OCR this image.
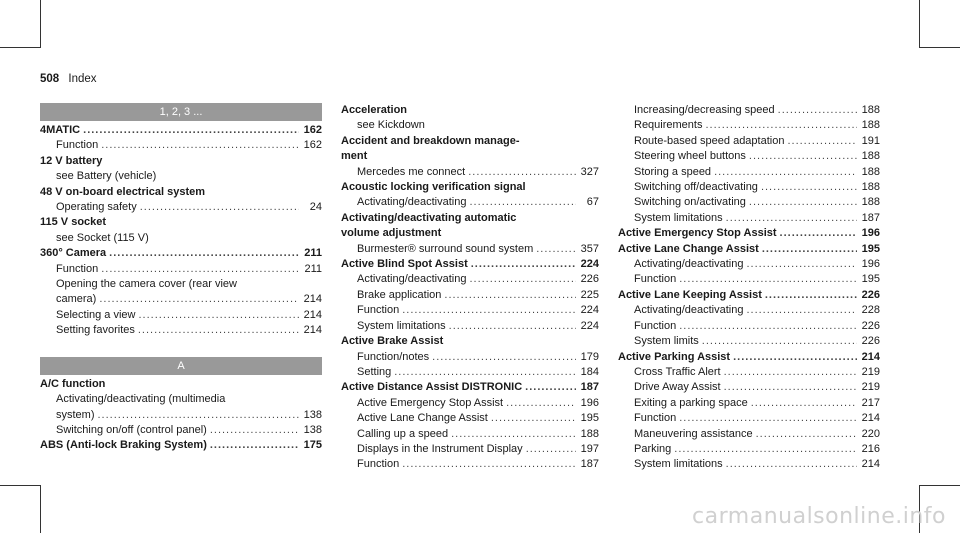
508 Index
1, 2, 3 ...
4MATIC .....	162
Function .....	162
12 V battery
see Battery (vehicle)
48 V on-board electrical system
Operating safety .....	24
115 V socket
see Socket (115 V)
360° Camera .....	211
Function .....	211
Opening the camera cover (rear view
camera) .....	214
Selecting a view .....	214
Setting favorites .....	214
A
A/C function
Activating/deactivating (multimedia
system) .....	138
Switching on/off (control panel) .....	138
ABS (Anti-lock Braking System) .....	175
Acceleration
see Kickdown
Accident and breakdown manage-
ment
Mercedes me connect .....	327
Acoustic locking verification signal
Activating/deactivating .....	67
Activating/deactivating automatic
volume adjustment
Burmester® surround sound system .....	357
Active Blind Spot Assist .....	224
Activating/deactivating .....	226
Brake application .....	225
Function .....	224
System limitations .....	224
Active Brake Assist
Function/notes .....	179
Setting .....	184
Active Distance Assist DISTRONIC .....	187
Active Emergency Stop Assist .....	196
Active Lane Change Assist .....	195
Calling up a speed .....	188
Displays in the Instrument Display .....	197
Function .....	187
Increasing/decreasing speed .....	188
Requirements .....	188
Route-based speed adaptation .....	191
Steering wheel buttons .....	188
Storing a speed .....	188
Switching off/deactivating .....	188
Switching on/activating .....	188
System limitations .....	187
Active Emergency Stop Assist .....	196
Active Lane Change Assist .....	195
Activating/deactivating .....	196
Function .....	195
Active Lane Keeping Assist .....	226
Activating/deactivating .....	228
Function .....	226
System limits .....	226
Active Parking Assist .....	214
Cross Traffic Alert .....	219
Drive Away Assist .....	219
Exiting a parking space .....	217
Function .....	214
Maneuvering assistance .....	220
Parking .....	216
System limitations .....	214
carmanualsonline.info
